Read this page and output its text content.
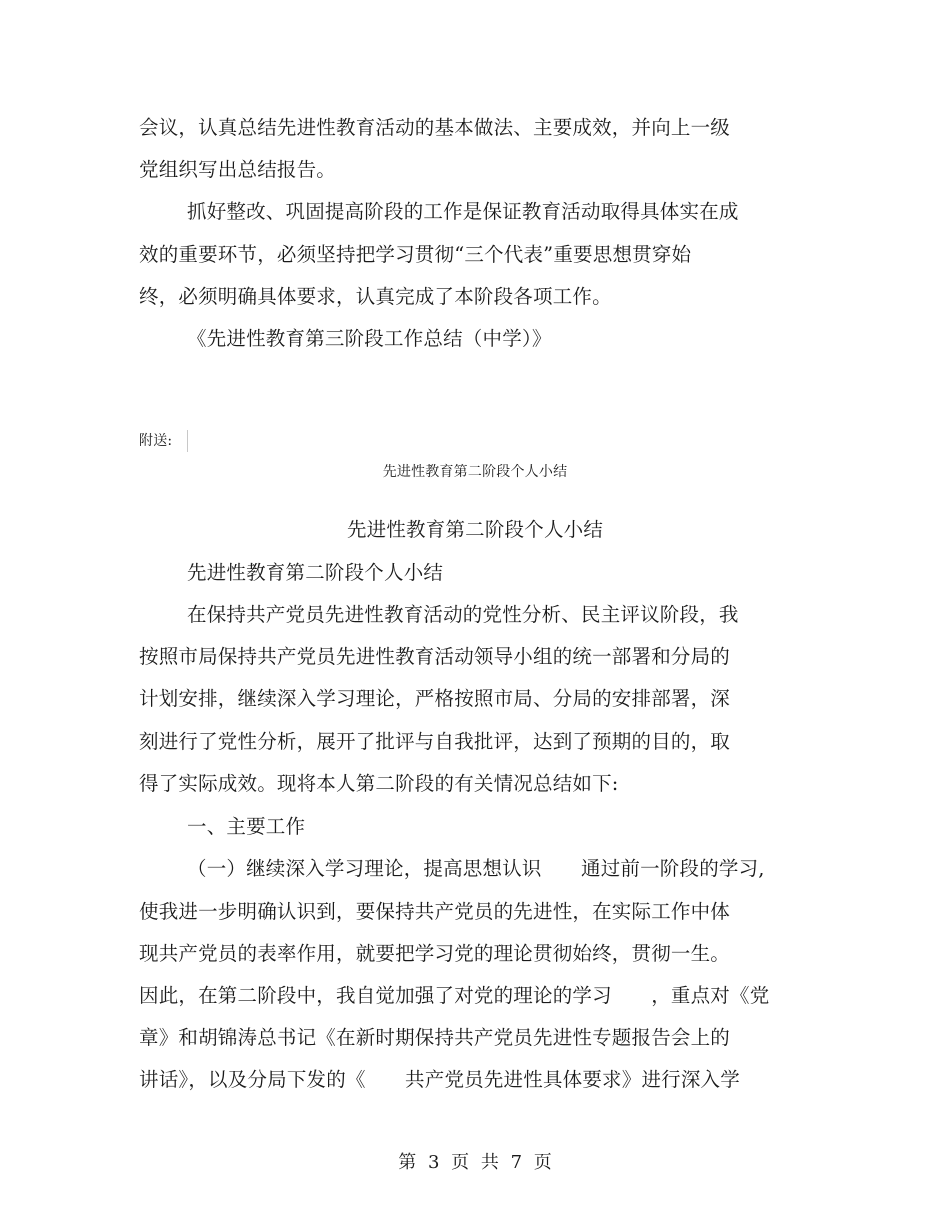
会议，认真总结先进性教育活动的基本做法、主要成效，并向上一级
党组织写出总结报告。
抓好整改、巩固提高阶段的工作是保证教育活动取得具体实在成
效的重要环节，必须坚持把学习贯彻“三个代表”重要思想贯穿始
终，必须明确具体要求，认真完成了本阶段各项工作。
《先进性教育第三阶段工作总结（中学）》
附送:
先进性教育第二阶段个人小结
先进性教育第二阶段个人小结
先进性教育第二阶段个人小结
在保持共产党员先进性教育活动的党性分析、民主评议阶段，我
按照市局保持共产党员先进性教育活动领导小组的统一部署和分局的
计划安排，继续深入学习理论，严格按照市局、分局的安排部署，深
刻进行了党性分析，展开了批评与自我批评，达到了预期的目的，取
得了实际成效。现将本人第二阶段的有关情况总结如下:
一、主要工作
（一）继续深入学习理论，提高思想认识　　通过前一阶段的学习,
使我进一步明确认识到，要保持共产党员的先进性，在实际工作中体
现共产党员的表率作用，就要把学习党的理论贯彻始终，贯彻一生。
因此，在第二阶段中，我自觉加强了对党的理论的学习　　，重点对《党
章》和胡锦涛总书记《在新时期保持共产党员先进性专题报告会上的
讲话》，以及分局下发的《　　共产党员先进性具体要求》进行深入学
第 3 页 共 7 页
